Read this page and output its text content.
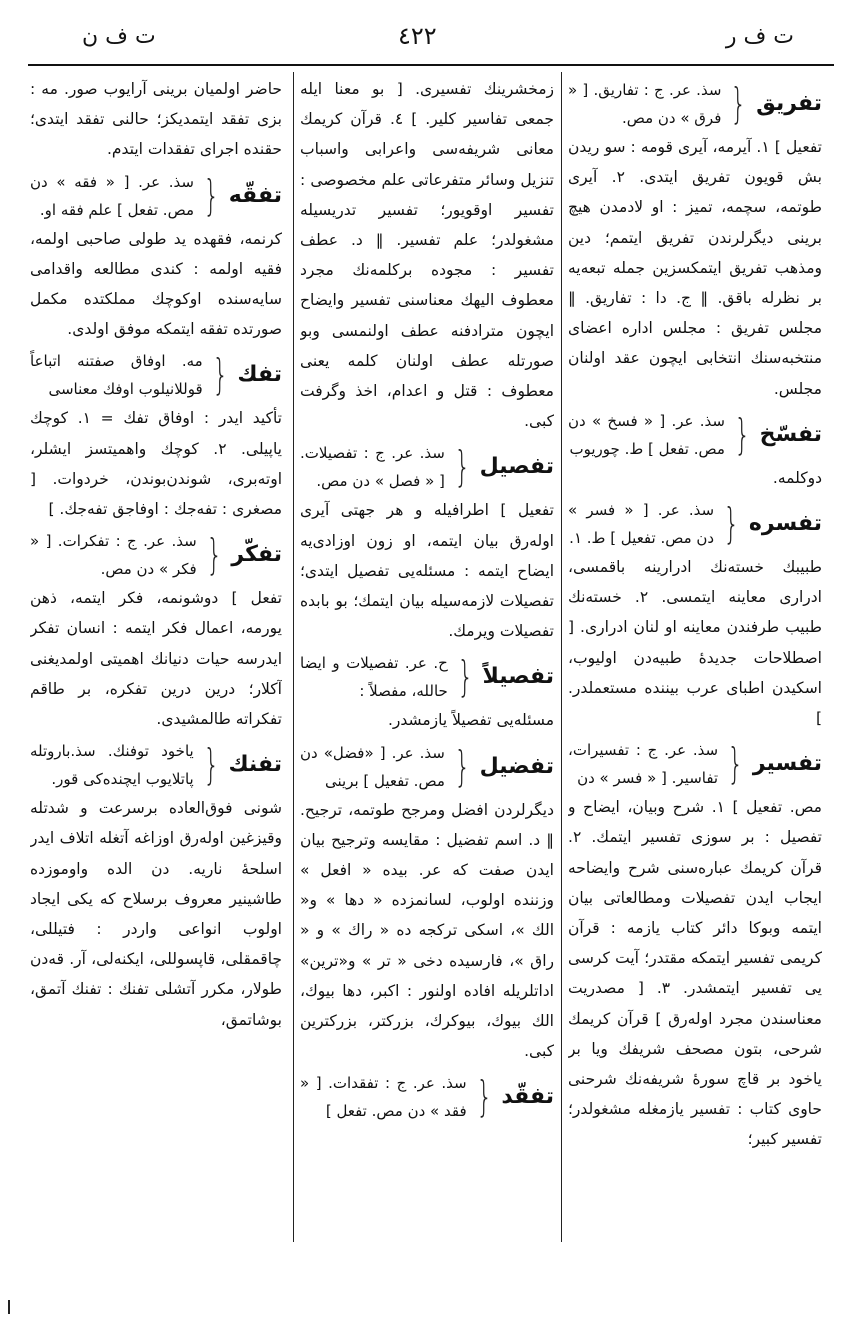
ت ف ر
٤٢٢
ت ف ن
تفریق
{
سذ. عر. ج : تفاریق. [ « فرق » دن مص.

تفعیل ] ١. آیرمه، آیری قومه : سو ریدن بش قویون تفریق ایتدی. ٢. آیری طوتمه، سچمه، تمیز : او لادمدن هیچ برینی دیگرلرندن تفریق ایتمم؛ دین ومذهب تفریق ایتمکسزین جمله تبعه‌یه بر نظرله باقق. ‖ ج. دا : تفاریق. ‖ مجلس تفریق : مجلس اداره اعضای منتخبه‌سنك انتخابی ایچون عقد اولنان مجلس.

تفسّخ
{
سذ. عر. [ « فسخ » دن مص. تفعل ] ط. چوریوب

دوکلمه.

تفسره
{
سذ. عر. [ « فسر » دن مص. تفعیل ] ط. ١.

طبیبك خسته‌نك ادرارینه باقمسی، ادراری معاینه ایتمسی. ٢. خسته‌نك طبیب طرفندن معاینه او لنان ادراری. [ اصطلاحات جدیدهٔ طبیه‌دن اولیوب، اسکیدن اطبای عرب بیننده مستعملدر. ]

تفسیر
{
سذ. عر. ج : تفسیرات، تفاسیر. [ « فسر » دن

مص. تفعیل ] ١. شرح وبیان، ایضاح و تفصیل : بر سوزی تفسیر ایتمك. ٢. قرآن کریمك عباره‌سنی شرح وایضاحه ایجاب ایدن تفصیلات ومطالعاتی بیان ایتمه وبوکا دائر کتاب یازمه : قرآن کریمی تفسیر ایتمکه مقتدر؛ آیت کرسی یی تفسیر ایتمشدر. ٣. [ مصدریت معناسندن مجرد اولەرق ] قرآن کریمك شرحی، بتون مصحف شریفك ویا بر یاخود بر قاچ سورهٔ شریفه‌نك شرحنی حاوی کتاب : تفسیر یازمغله مشغولدر؛ تفسیر کبیر؛

زمخشرینك تفسیری. [ بو معنا ایله جمعی تفاسیر کلیر. ] ٤. قرآن کریمك معانی شریفه‌سی واعرابی واسباب تنزیل وسائر متفرعاتی علم مخصوصی : تفسیر اوقویور؛ تفسیر تدریسیله مشغولدر؛ علم تفسیر. ‖ د. عطف تفسیر : مجوده برکلمه‌نك مجرد معطوف الیهك معناسنی تفسیر وایضاح ایچون مترادفنه عطف اولنمسی وبو صورتله عطف اولنان کلمه یعنی معطوف : قتل و اعدام، اخذ وگرفت کبی.

تفصیل
{
سذ. عر. ج : تفصیلات. [ « فصل » دن مص.

تفعیل ] اطرافیله و هر جهتی آیری اوله‌رق بیان ایتمه، او زون اوزادی‌یه ایضاح ایتمه : مسئله‌یی تفصیل ایتدی؛ تفصیلات لازمه‌سیله بیان ایتمك؛ بو بابده تفصیلات ویرمك.

تفصیلاً
{
ح. عر. تفصیلات و ایضا حالله، مفصلاً :

مسئله‌یی تفصیلاً یازمشدر.

تفضیل
{
سذ. عر. [ «فضل» دن مص. تفعیل ] برینی

دیگرلردن افضل ومرجح طوتمه، ترجیح. ‖ د. اسم تفضیل : مقایسه وترجیح بیان ایدن صفت که عر. بیده « افعل » وزننده اولوب، لسانمزده « دها » و« الك »، اسکی ترکجه ده « راك » و « راق »، فارسیده دخی « تر » و«ترین» اداتلریله افاده اولنور : اکبر، دها بیوك، الك بیوك، بیوکرك، بزرکتر، بزرکترین کبی.

تفقّد
{
سذ. عر. ج : تفقدات. [ « فقد » دن مص. تفعل ]

حاضر اولمیان برینی آرایوب صور. مه : بزی تفقد ایتمدیکز؛ حالنی تفقد ایتدی؛ حقنده اجرای تفقدات ایتدم.

تفقّه
{
سذ. عر. [ « فقه » دن مص. تفعل ] علم فقه او.

کرنمه، فقهده ید طولی صاحبی اولمه، فقیه اولمه : کندی مطالعه واقدامی سایه‌سنده اوکوچك مملکتده مکمل صورتده تفقه ایتمکه موفق اولدی.

تفك
{
مه. اوفاق صفتنه اتباعاً قوللانیلوب اوفك معناسی

تأکید ایدر : اوفاق تفك = ١. کوچك یاپیلی. ٢. کوچك واهمیتسز ایشلر، اوته‌بری، شوندن‌بوندن، خردوات. [ مصغری : تفه‌جك : اوفاجق تفه‌جك. ]

تفکّر
{
سذ. عر. ج : تفکرات. [ « فکر » دن مص.

تفعل ] دوشونمه، فکر ایتمه، ذهن یورمه، اعمال فکر ایتمه : انسان تفکر ایدرسه حیات دنیانك اهمیتی اولمدیغنی آکلار؛ درین درین تفکره، بر طاقم تفکراته طالمشیدی.

تفنك
{
یاخود توفنك. سذ.باروتله پاتلایوب ایچنده‌کی قور.

شونی فوق‌العاده برسرعت و شدتله وقیزغین اوله‌رق اوزاغه آتغله اتلاف ایدر اسلحهٔ ناریه. دن الده واوموزده طاشینیر معروف برسلاح که یکی ایجاد اولوب انواعی واردر : فتیللی، چاقمقلی، قاپسوللی، ایکنه‌لی، آر. قه‌دن طولار، مکرر آتشلی تفنك : تفنك آتمق، بوشاتمق،
